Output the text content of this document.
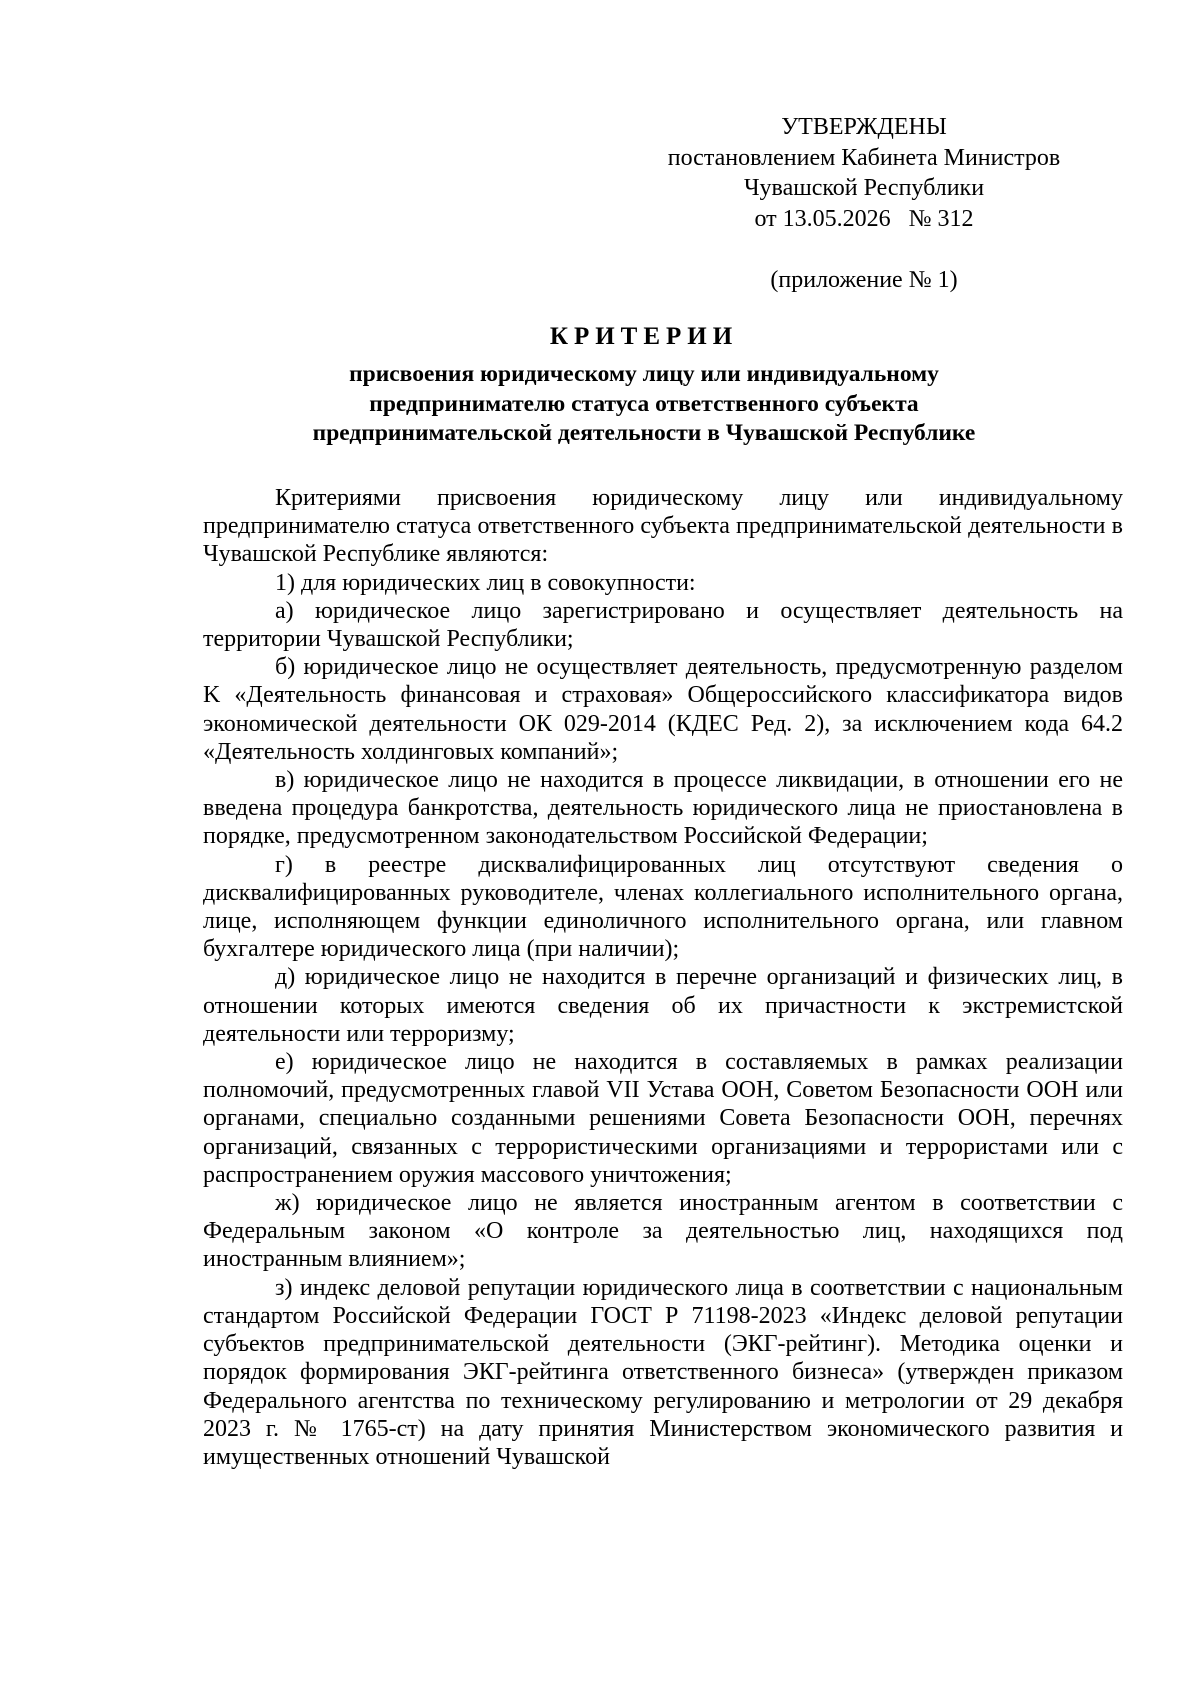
УТВЕРЖДЕНЫ
постановлением Кабинета Министров
Чувашской Республики
от 13.05.2026   № 312
(приложение № 1)
КРИТЕРИИ
присвоения юридическому лицу или индивидуальному
предпринимателю статуса ответственного субъекта
предпринимательской деятельности в Чувашской Республике

Критериями присвоения юридическому лицу или индивидуальному предпринимателю статуса ответственного субъекта предпринимательской деятельности в Чувашской Республике являются:

1) для юридических лиц в совокупности:

а) юридическое лицо зарегистрировано и осуществляет деятельность на территории Чувашской Республики;

б) юридическое лицо не осуществляет деятельность, предусмотренную разделом K «Деятельность финансовая и страховая» Общероссийского классификатора видов экономической деятельности ОК 029-2014 (КДЕС Ред. 2), за исключением кода 64.2 «Деятельность холдинговых компаний»;

в) юридическое лицо не находится в процессе ликвидации, в отношении его не введена процедура банкротства, деятельность юридического лица не приостановлена в порядке, предусмотренном законодательством Российской Федерации;

г) в реестре дисквалифицированных лиц отсутствуют сведения о дисквалифицированных руководителе, членах коллегиального исполнительного органа, лице, исполняющем функции единоличного исполнительного органа, или главном бухгалтере юридического лица (при наличии);

д) юридическое лицо не находится в перечне организаций и физических лиц, в отношении которых имеются сведения об их причастности к экстремистской деятельности или терроризму;

е) юридическое лицо не находится в составляемых в рамках реализации полномочий, предусмотренных главой VII Устава ООН, Советом Безопасности ООН или органами, специально созданными решениями Совета Безопасности ООН, перечнях организаций, связанных с террористическими организациями и террористами или с распространением оружия массового уничтожения;

ж) юридическое лицо не является иностранным агентом в соответствии с Федеральным законом «О контроле за деятельностью лиц, находящихся под иностранным влиянием»;

з) индекс деловой репутации юридического лица в соответствии с национальным стандартом Российской Федерации ГОСТ Р 71198-2023 «Индекс деловой репутации субъектов предпринимательской деятельности (ЭКГ-рейтинг). Методика оценки и порядок формирования ЭКГ-рейтинга ответственного бизнеса» (утвержден приказом Федерального агентства по техническому регулированию и метрологии от 29 декабря 2023 г. № 1765-ст) на дату принятия Министерством экономического развития и имущественных отношений Чувашской
